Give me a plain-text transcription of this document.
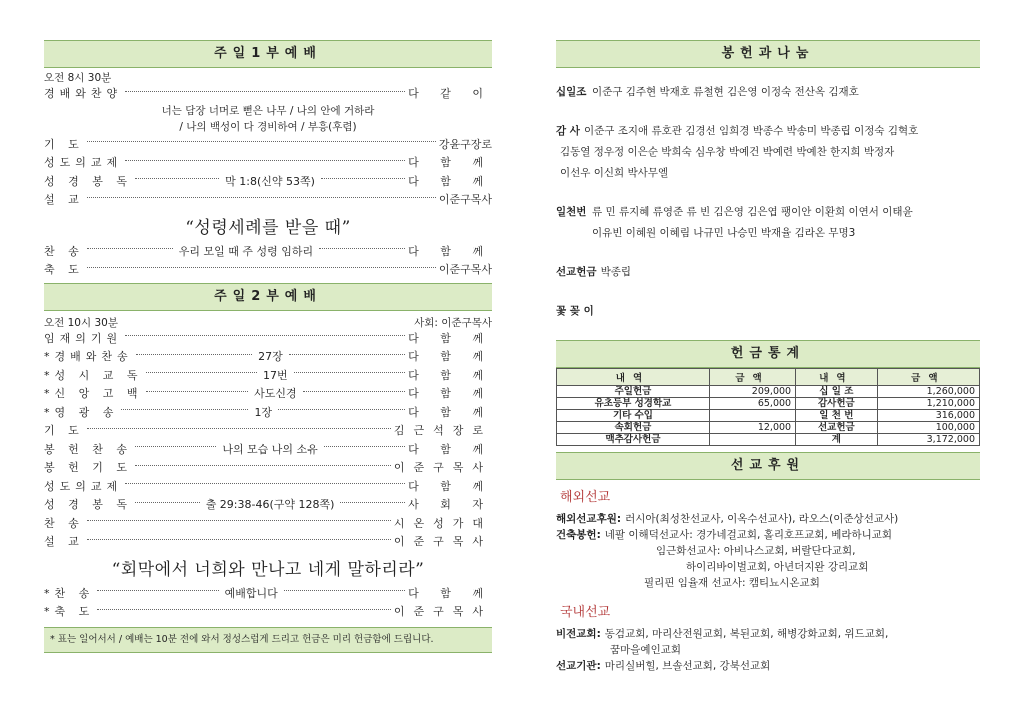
주일1부예배
오전 8시 30분
경배와찬양	다 같 이
너는 담장 너머로 뻗은 나무 / 나의 안에 거하라
/ 나의 백성이 다 경비하여 / 부흥(후렴)
기 도	강윤구장로
성도의교제	다 함 께
성 경 봉 독	막 1:8(신약 53쪽)	다 함 께
설 교	이준구목사
“성령세례를 받을 때”
찬 송	우리 모일 때 주 성령 임하리	다 함 께
축 도	이준구목사
주일2부예배
오전 10시 30분	사회: 이준구목사
임재의기원	다 함 께
*경배와찬송	27장	다 함 께
*성 시 교 독	17번	다 함 께
*신 앙 고 백	사도신경	다 함 께
*영 광 송	1장	다 함 께
기 도	김근석장로
봉 헌 찬 송	나의 모습 나의 소유	다 함 께
봉 헌 기 도	이준구목사
성도의교제	다 함 께
성 경 봉 독	출 29:38-46(구약 128쪽)	사 회 자
찬 송	시온성가대
설 교	이준구목사
“회막에서 너희와 만나고 네게 말하리라”
*찬 송	예배합니다	다 함 께
*축 도	이준구목사
* 표는 일어서서 / 예배는 10분 전에 와서 정성스럽게 드리고 헌금은 미리 헌금함에 드립니다.
봉헌과나눔
십일조 이준구 김주현 박재호 류철현 김은영 이정숙 전산옥 김재호
감 사 이준구 조지애 류호관 김경선 임희경 박종수 박송미 박종립 이정숙 김혁호
김동열 정우정 이은순 박희숙 심우창 박예건 박예련 박예찬 한지희 박정자
이선우 이신희 박사무엘
일천번 류 민 류지혜 류영준 류 빈 김은영 김은엽 팽이안 이환희 이연서 이태윤
이유빈 이혜원 이혜림 나규민 나승민 박재율 김라온 무명3
선교헌금 박종립
꽃 꽂 이
헌금통계
내역	금액	내역	금액
주일헌금	209,000	십 일 조	1,260,000
유초등부 성경학교	65,000	감사헌금	1,210,000
기타 수입		일 천 번	316,000
속회헌금	12,000	선교헌금	100,000
맥추감사헌금		계	3,172,000
선교후원
해외선교
해외선교후원: 러시아(최성찬선교사, 이옥수선교사), 라오스(이준상선교사)
건축봉헌: 네팔 이해덕선교사: 경가네걸교회, 홀리호프교회, 베라하니교회
임근화선교사: 아비나스교회, 버랄단다교회,
하이리바이벌교회, 아년더지완 강리교회
필리핀 임율재 선교사: 캠티뇨시온교회
국내선교
비전교회: 동검교회, 마리산전원교회, 복된교회, 해병강화교회, 위드교회,
꿈마을예인교회
선교기관: 마리실버힐, 브솔선교회, 강북선교회
